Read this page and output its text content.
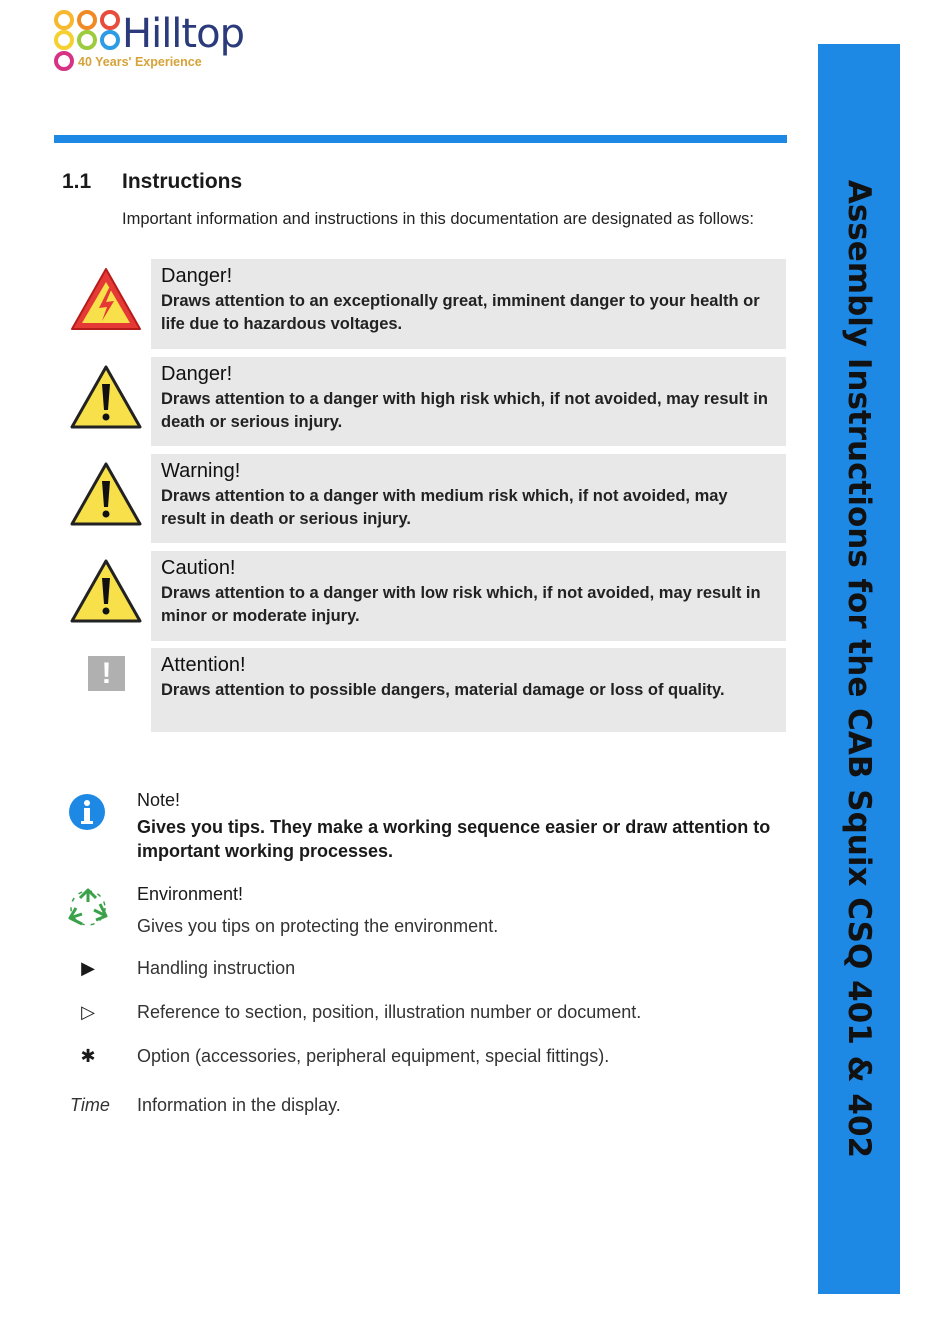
Hilltop
40 Years' Experience
Assembly Instructions for the CAB Squix CSQ 401 & 402
1.1 Instructions
Important information and instructions in this documentation are designated as follows:
Danger!
Draws attention to an exceptionally great, imminent danger to your health or life due to hazardous voltages.
Danger!
Draws attention to a danger with high risk which, if not avoided, may result in death or serious injury.
Warning!
Draws attention to a danger with medium risk which, if not avoided, may result in death or serious injury.
Caution!
Draws attention to a danger with low risk which, if not avoided, may result in minor or moderate injury.
!	Attention!
Draws attention to possible dangers, material damage or loss of quality.
Note!
Gives you tips. They make a working sequence easier or draw attention to important working processes.
Environment!
Gives you tips on protecting the environment.
▶ Handling instruction
▷ Reference to section, position, illustration number or document.
✱ Option (accessories, peripheral equipment, special fittings).
Time Information in the display.
